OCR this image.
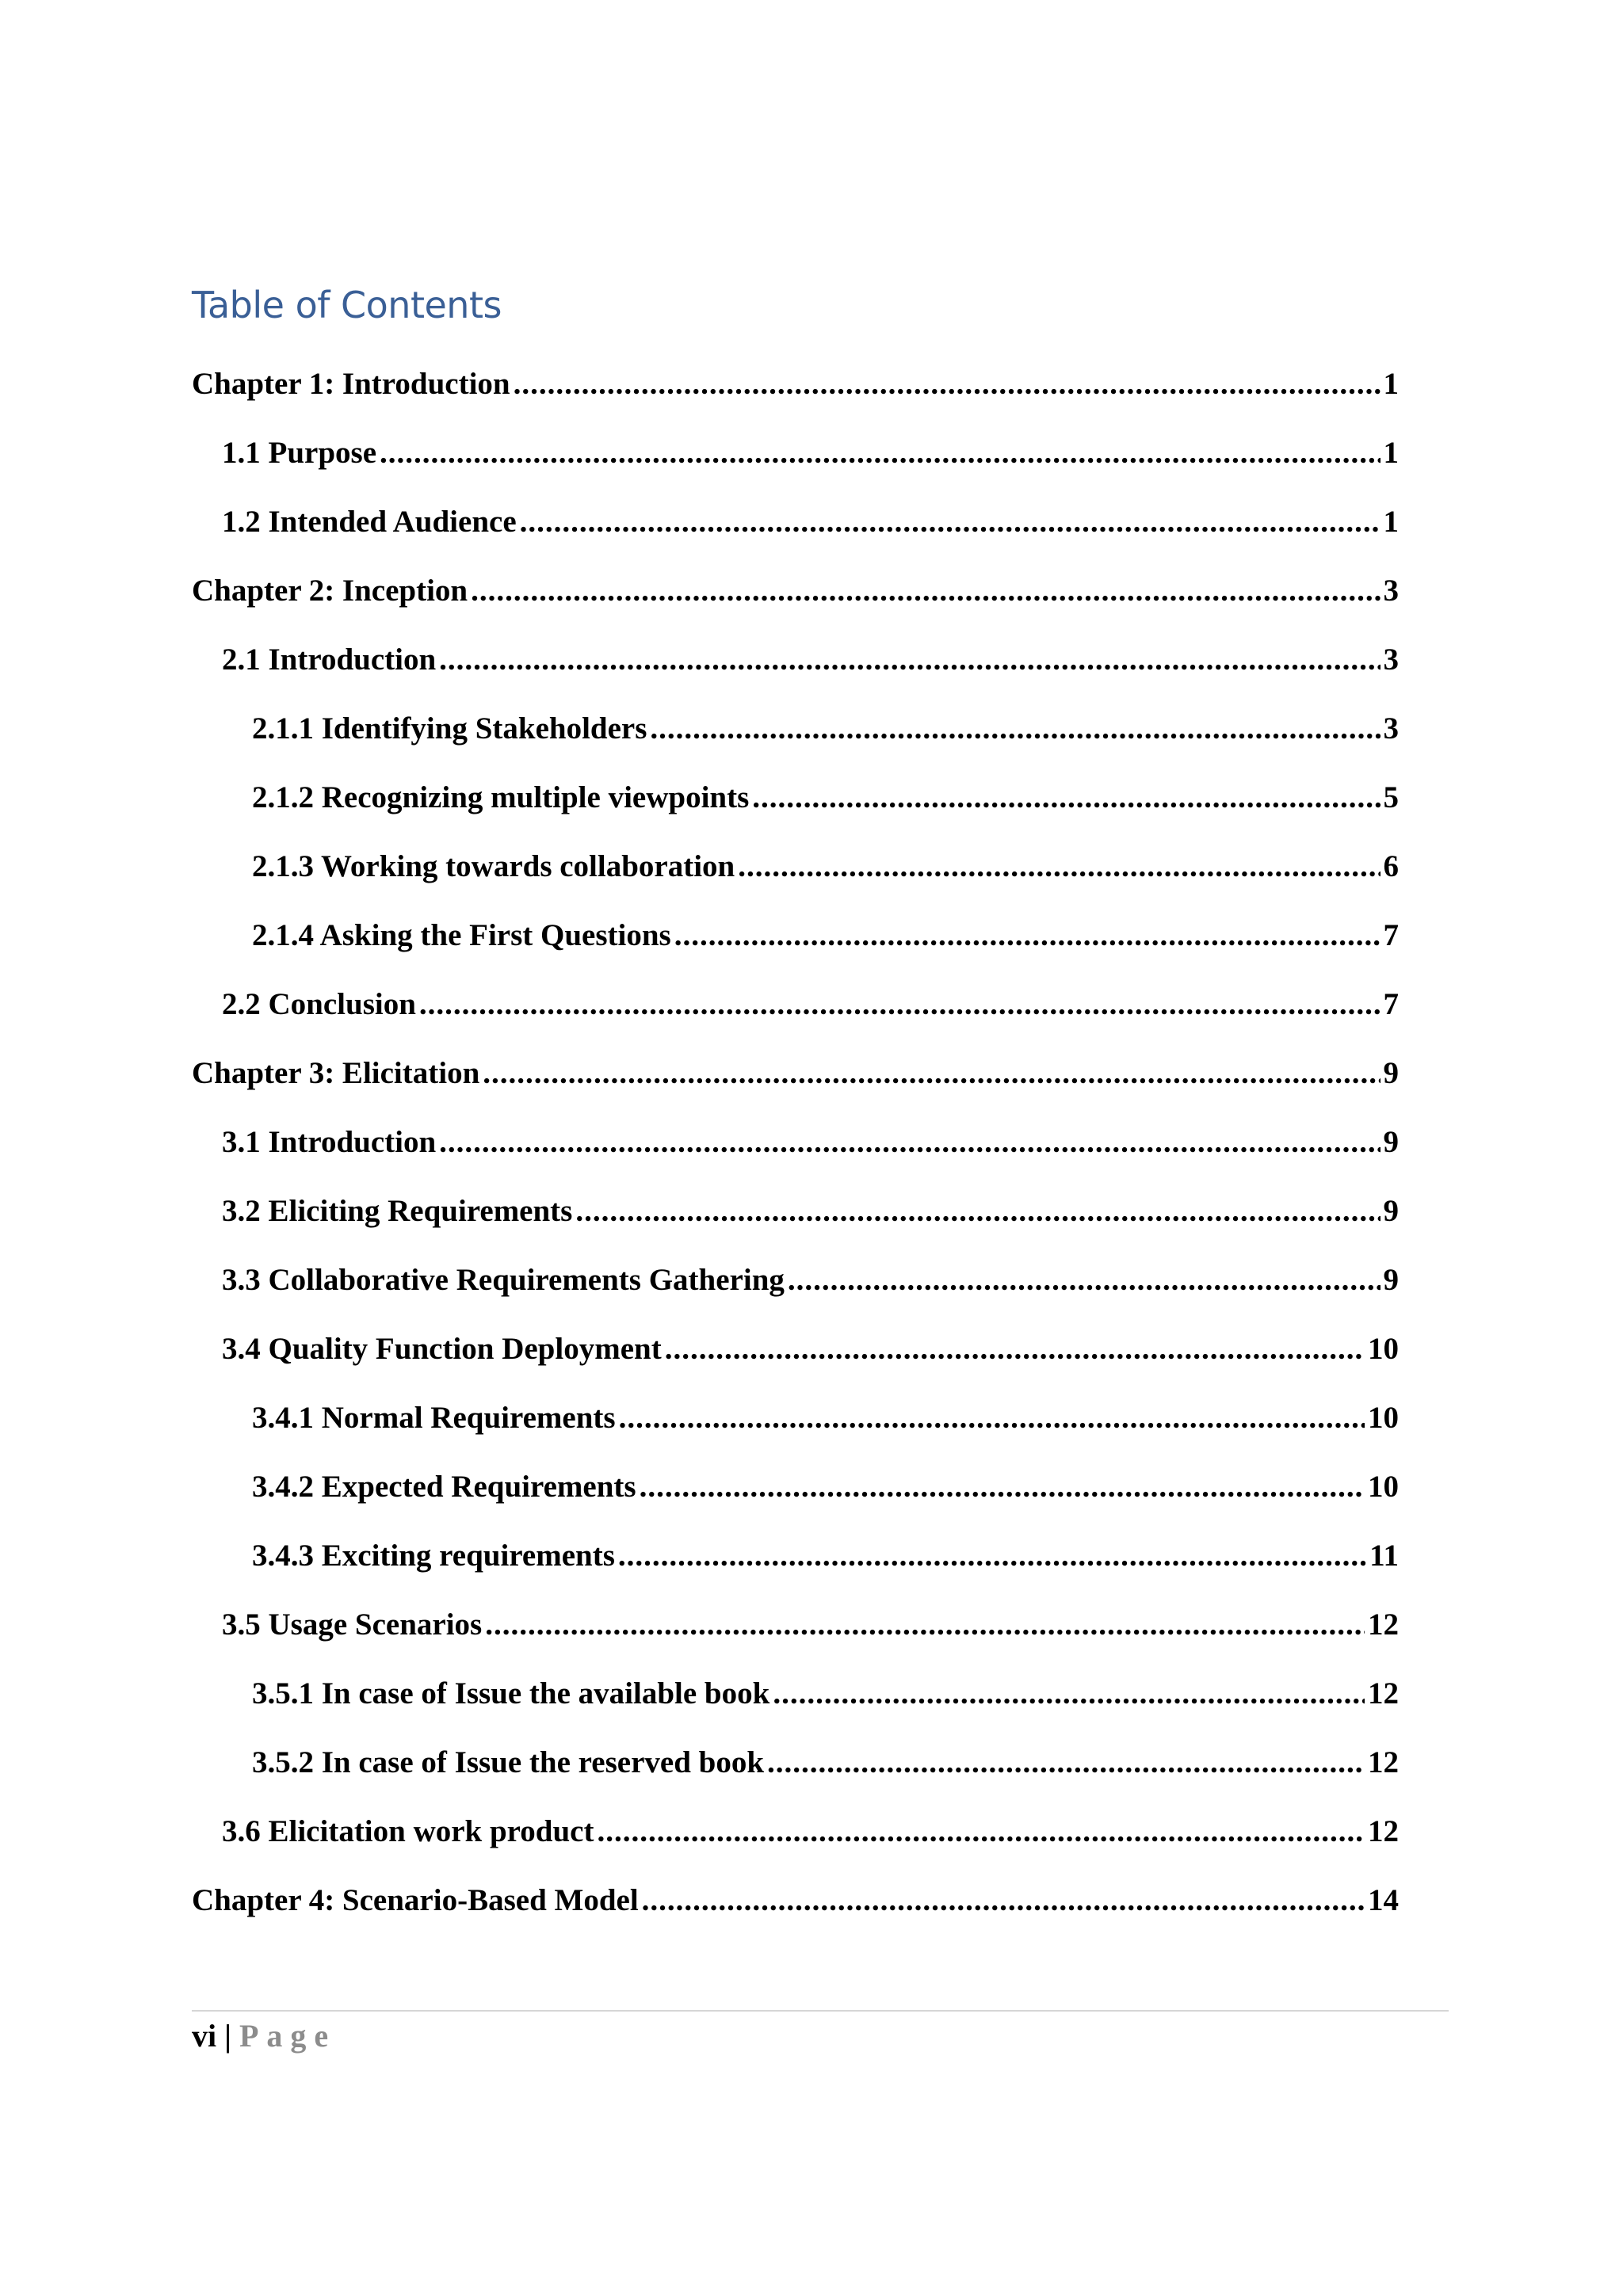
Table of Contents
Chapter 1: Introduction .....	1
1.1 Purpose .....	1
1.2 Intended Audience .....	1
Chapter 2: Inception .....	3
2.1 Introduction .....	3
2.1.1 Identifying Stakeholders .....	3
2.1.2 Recognizing multiple viewpoints .....	5
2.1.3 Working towards collaboration .....	6
2.1.4 Asking the First Questions .....	7
2.2 Conclusion .....	7
Chapter 3: Elicitation .....	9
3.1 Introduction .....	9
3.2 Eliciting Requirements .....	9
3.3 Collaborative Requirements Gathering .....	9
3.4 Quality Function Deployment .....	10
3.4.1 Normal Requirements .....	10
3.4.2 Expected Requirements .....	10
3.4.3 Exciting requirements .....	11
3.5 Usage Scenarios .....	12
3.5.1 In case of Issue the available book .....	12
3.5.2 In case of Issue the reserved book .....	12
3.6 Elicitation work product .....	12
Chapter 4: Scenario-Based Model .....	14
vi | Page
